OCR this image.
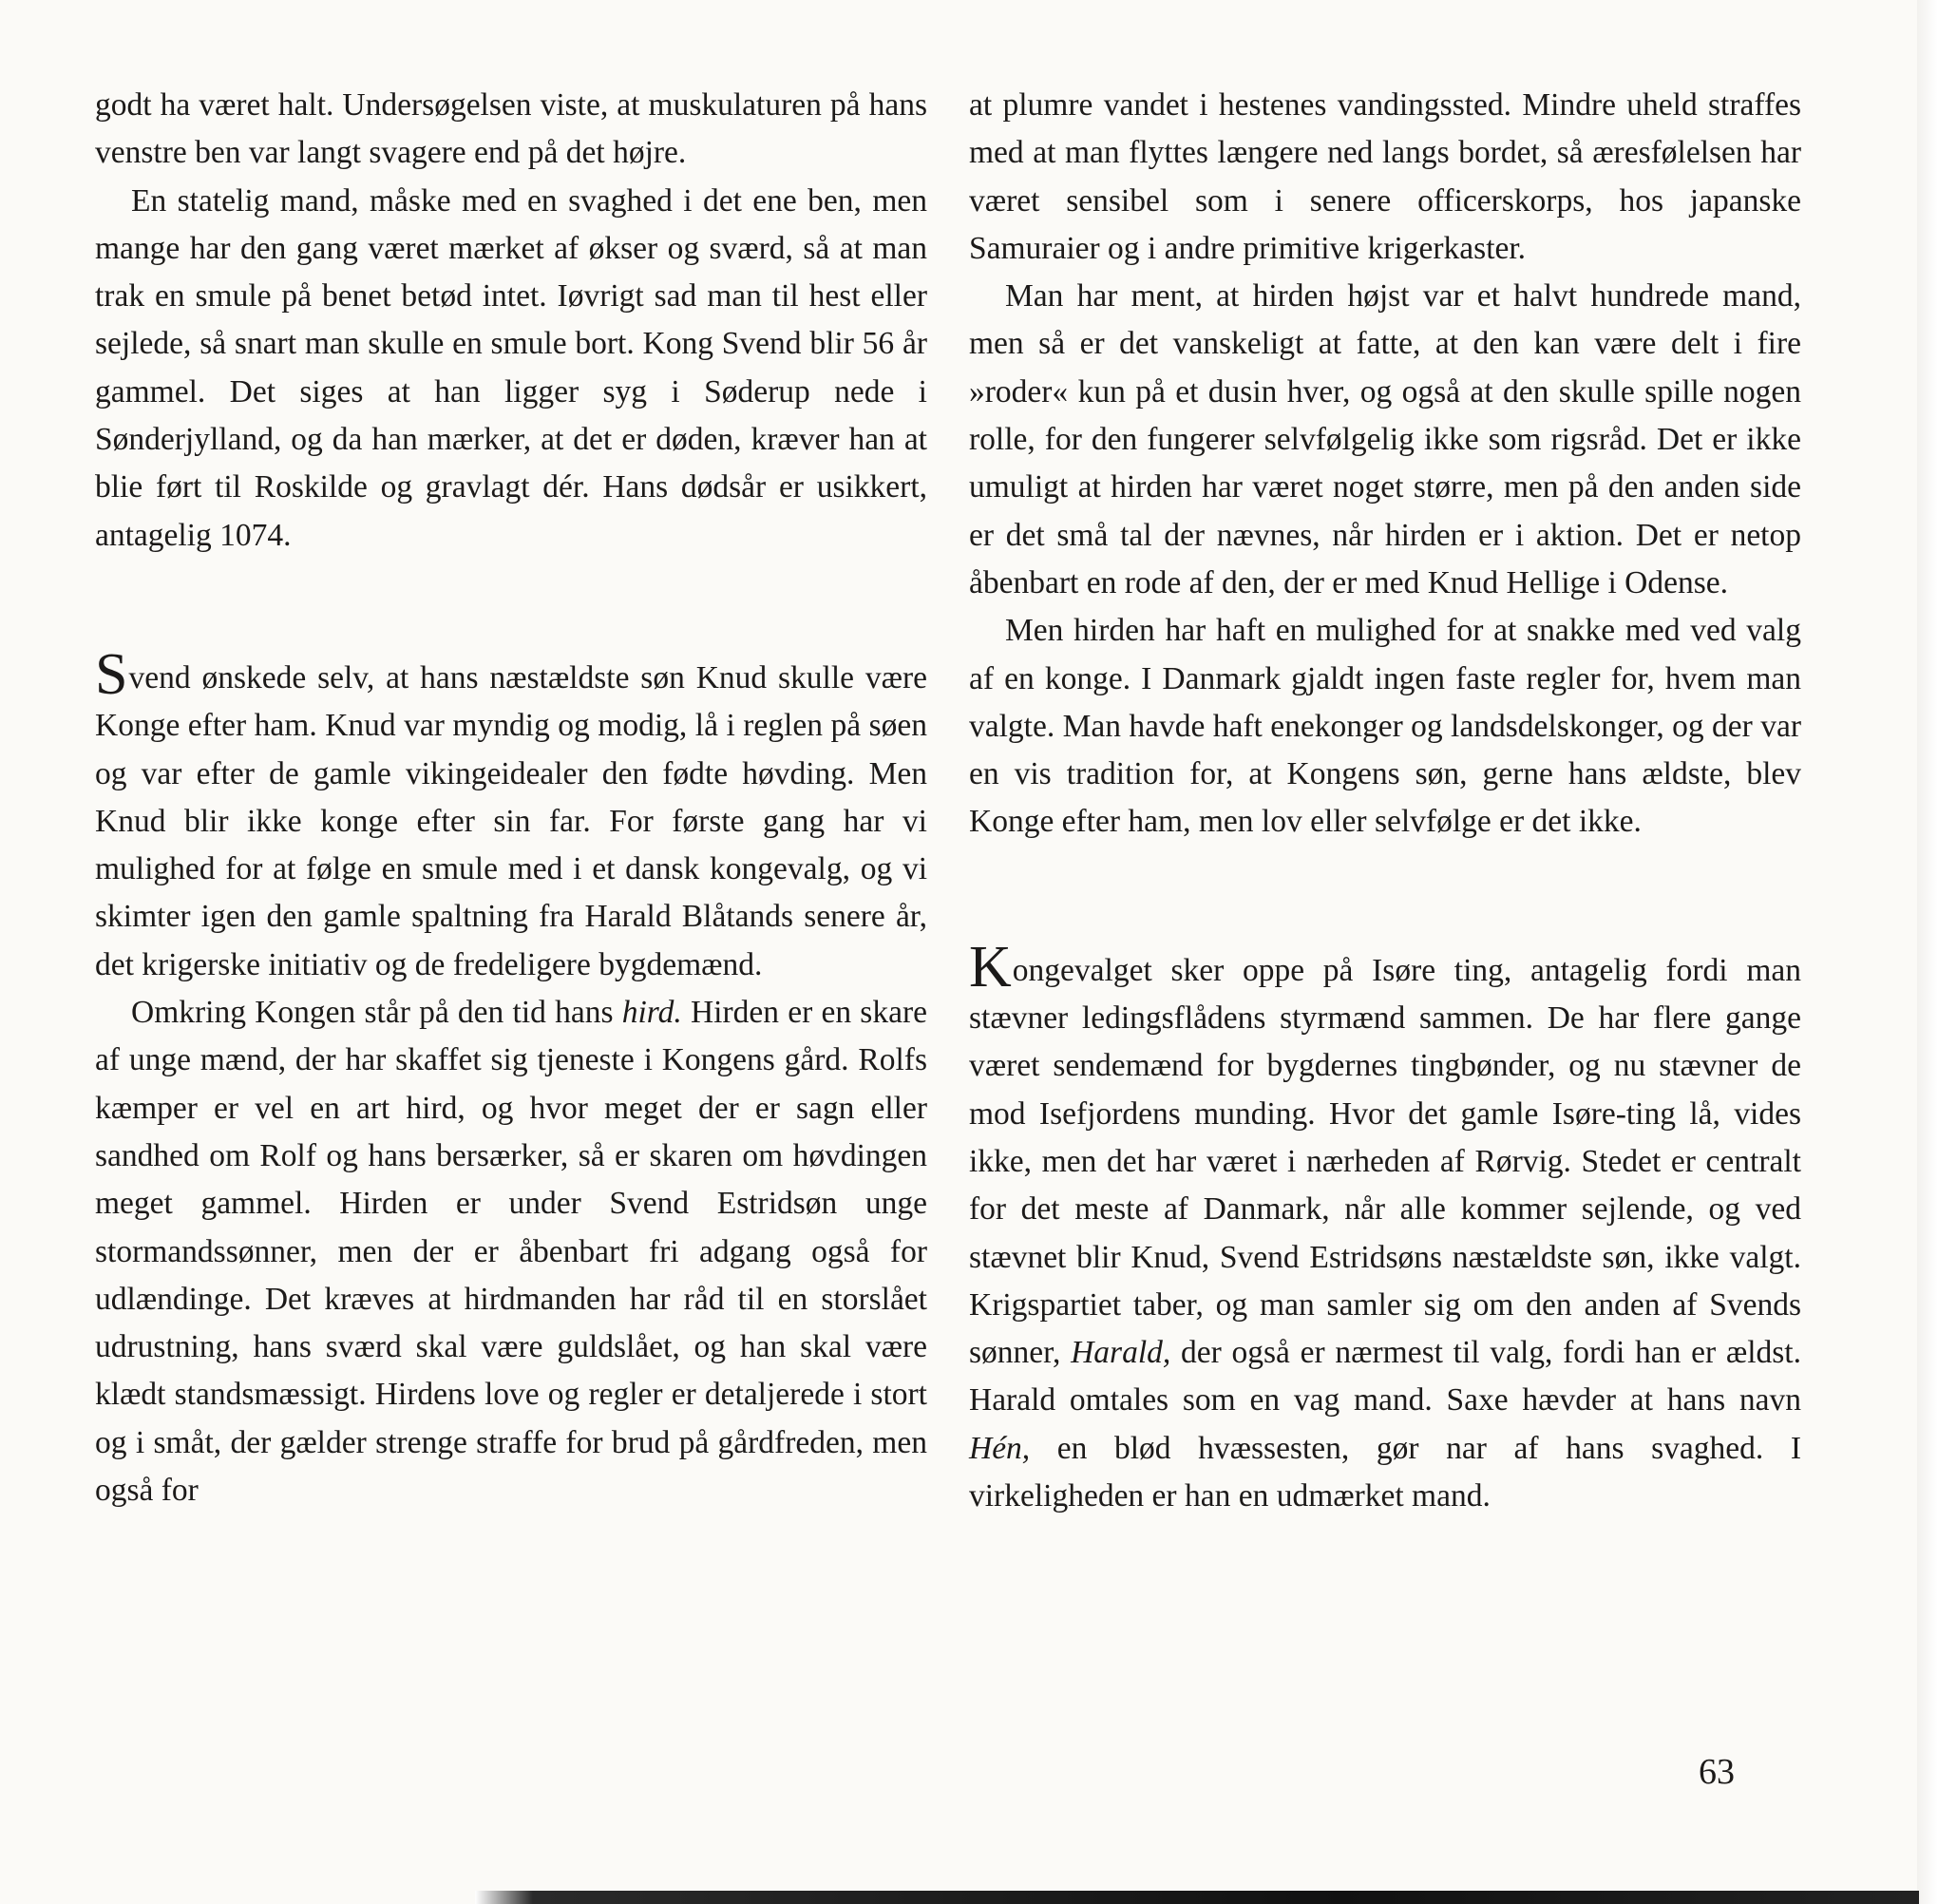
godt ha været halt. Undersøgelsen viste, at muskulaturen på hans venstre ben var langt svagere end på det højre.

En statelig mand, måske med en svaghed i det ene ben, men mange har den gang været mærket af økser og sværd, så at man trak en smule på benet betød intet. Iøvrigt sad man til hest eller sejlede, så snart man skulle en smule bort. Kong Svend blir 56 år gammel. Det siges at han ligger syg i Søderup nede i Sønderjylland, og da han mærker, at det er døden, kræver han at blie ført til Roskilde og gravlagt dér. Hans dødsår er usikkert, antagelig 1074.

Svend ønskede selv, at hans næstældste søn Knud skulle være Konge efter ham. Knud var myndig og modig, lå i reglen på søen og var efter de gamle vikingeidealer den fødte høvding. Men Knud blir ikke konge efter sin far. For første gang har vi mulighed for at følge en smule med i et dansk kongevalg, og vi skimter igen den gamle spaltning fra Harald Blåtands senere år, det krigerske initiativ og de fredeligere bygdemænd.

Omkring Kongen står på den tid hans hird. Hirden er en skare af unge mænd, der har skaffet sig tjeneste i Kongens gård. Rolfs kæmper er vel en art hird, og hvor meget der er sagn eller sandhed om Rolf og hans bersærker, så er skaren om høvdingen meget gammel. Hirden er under Svend Estridsøn unge stormandssønner, men der er åbenbart fri adgang også for udlændinge. Det kræves at hirdmanden har råd til en storslået udrustning, hans sværd skal være guldslået, og han skal være klædt standsmæssigt. Hirdens love og regler er detaljerede i stort og i småt, der gælder strenge straffe for brud på gårdfreden, men også for

at plumre vandet i hestenes vandingssted. Mindre uheld straffes med at man flyttes længere ned langs bordet, så æresfølelsen har været sensibel som i senere officerskorps, hos japanske Samuraier og i andre primitive krigerkaster.

Man har ment, at hirden højst var et halvt hundrede mand, men så er det vanskeligt at fatte, at den kan være delt i fire »roder« kun på et dusin hver, og også at den skulle spille nogen rolle, for den fungerer selvfølgelig ikke som rigsråd. Det er ikke umuligt at hirden har været noget større, men på den anden side er det små tal der nævnes, når hirden er i aktion. Det er netop åbenbart en rode af den, der er med Knud Hellige i Odense.

Men hirden har haft en mulighed for at snakke med ved valg af en konge. I Danmark gjaldt ingen faste regler for, hvem man valgte. Man havde haft enekonger og landsdelskonger, og der var en vis tradition for, at Kongens søn, gerne hans ældste, blev Konge efter ham, men lov eller selvfølge er det ikke.

Kongevalget sker oppe på Isøre ting, antagelig fordi man stævner ledingsflådens styrmænd sammen. De har flere gange været sendemænd for bygdernes tingbønder, og nu stævner de mod Isefjordens munding. Hvor det gamle Isøre-ting lå, vides ikke, men det har været i nærheden af Rørvig. Stedet er centralt for det meste af Danmark, når alle kommer sejlende, og ved stævnet blir Knud, Svend Estridsøns næstældste søn, ikke valgt. Krigspartiet taber, og man samler sig om den anden af Svends sønner, Harald, der også er nærmest til valg, fordi han er ældst. Harald omtales som en vag mand. Saxe hævder at hans navn Hén, en blød hvæssesten, gør nar af hans svaghed. I virkeligheden er han en udmærket mand.

63
